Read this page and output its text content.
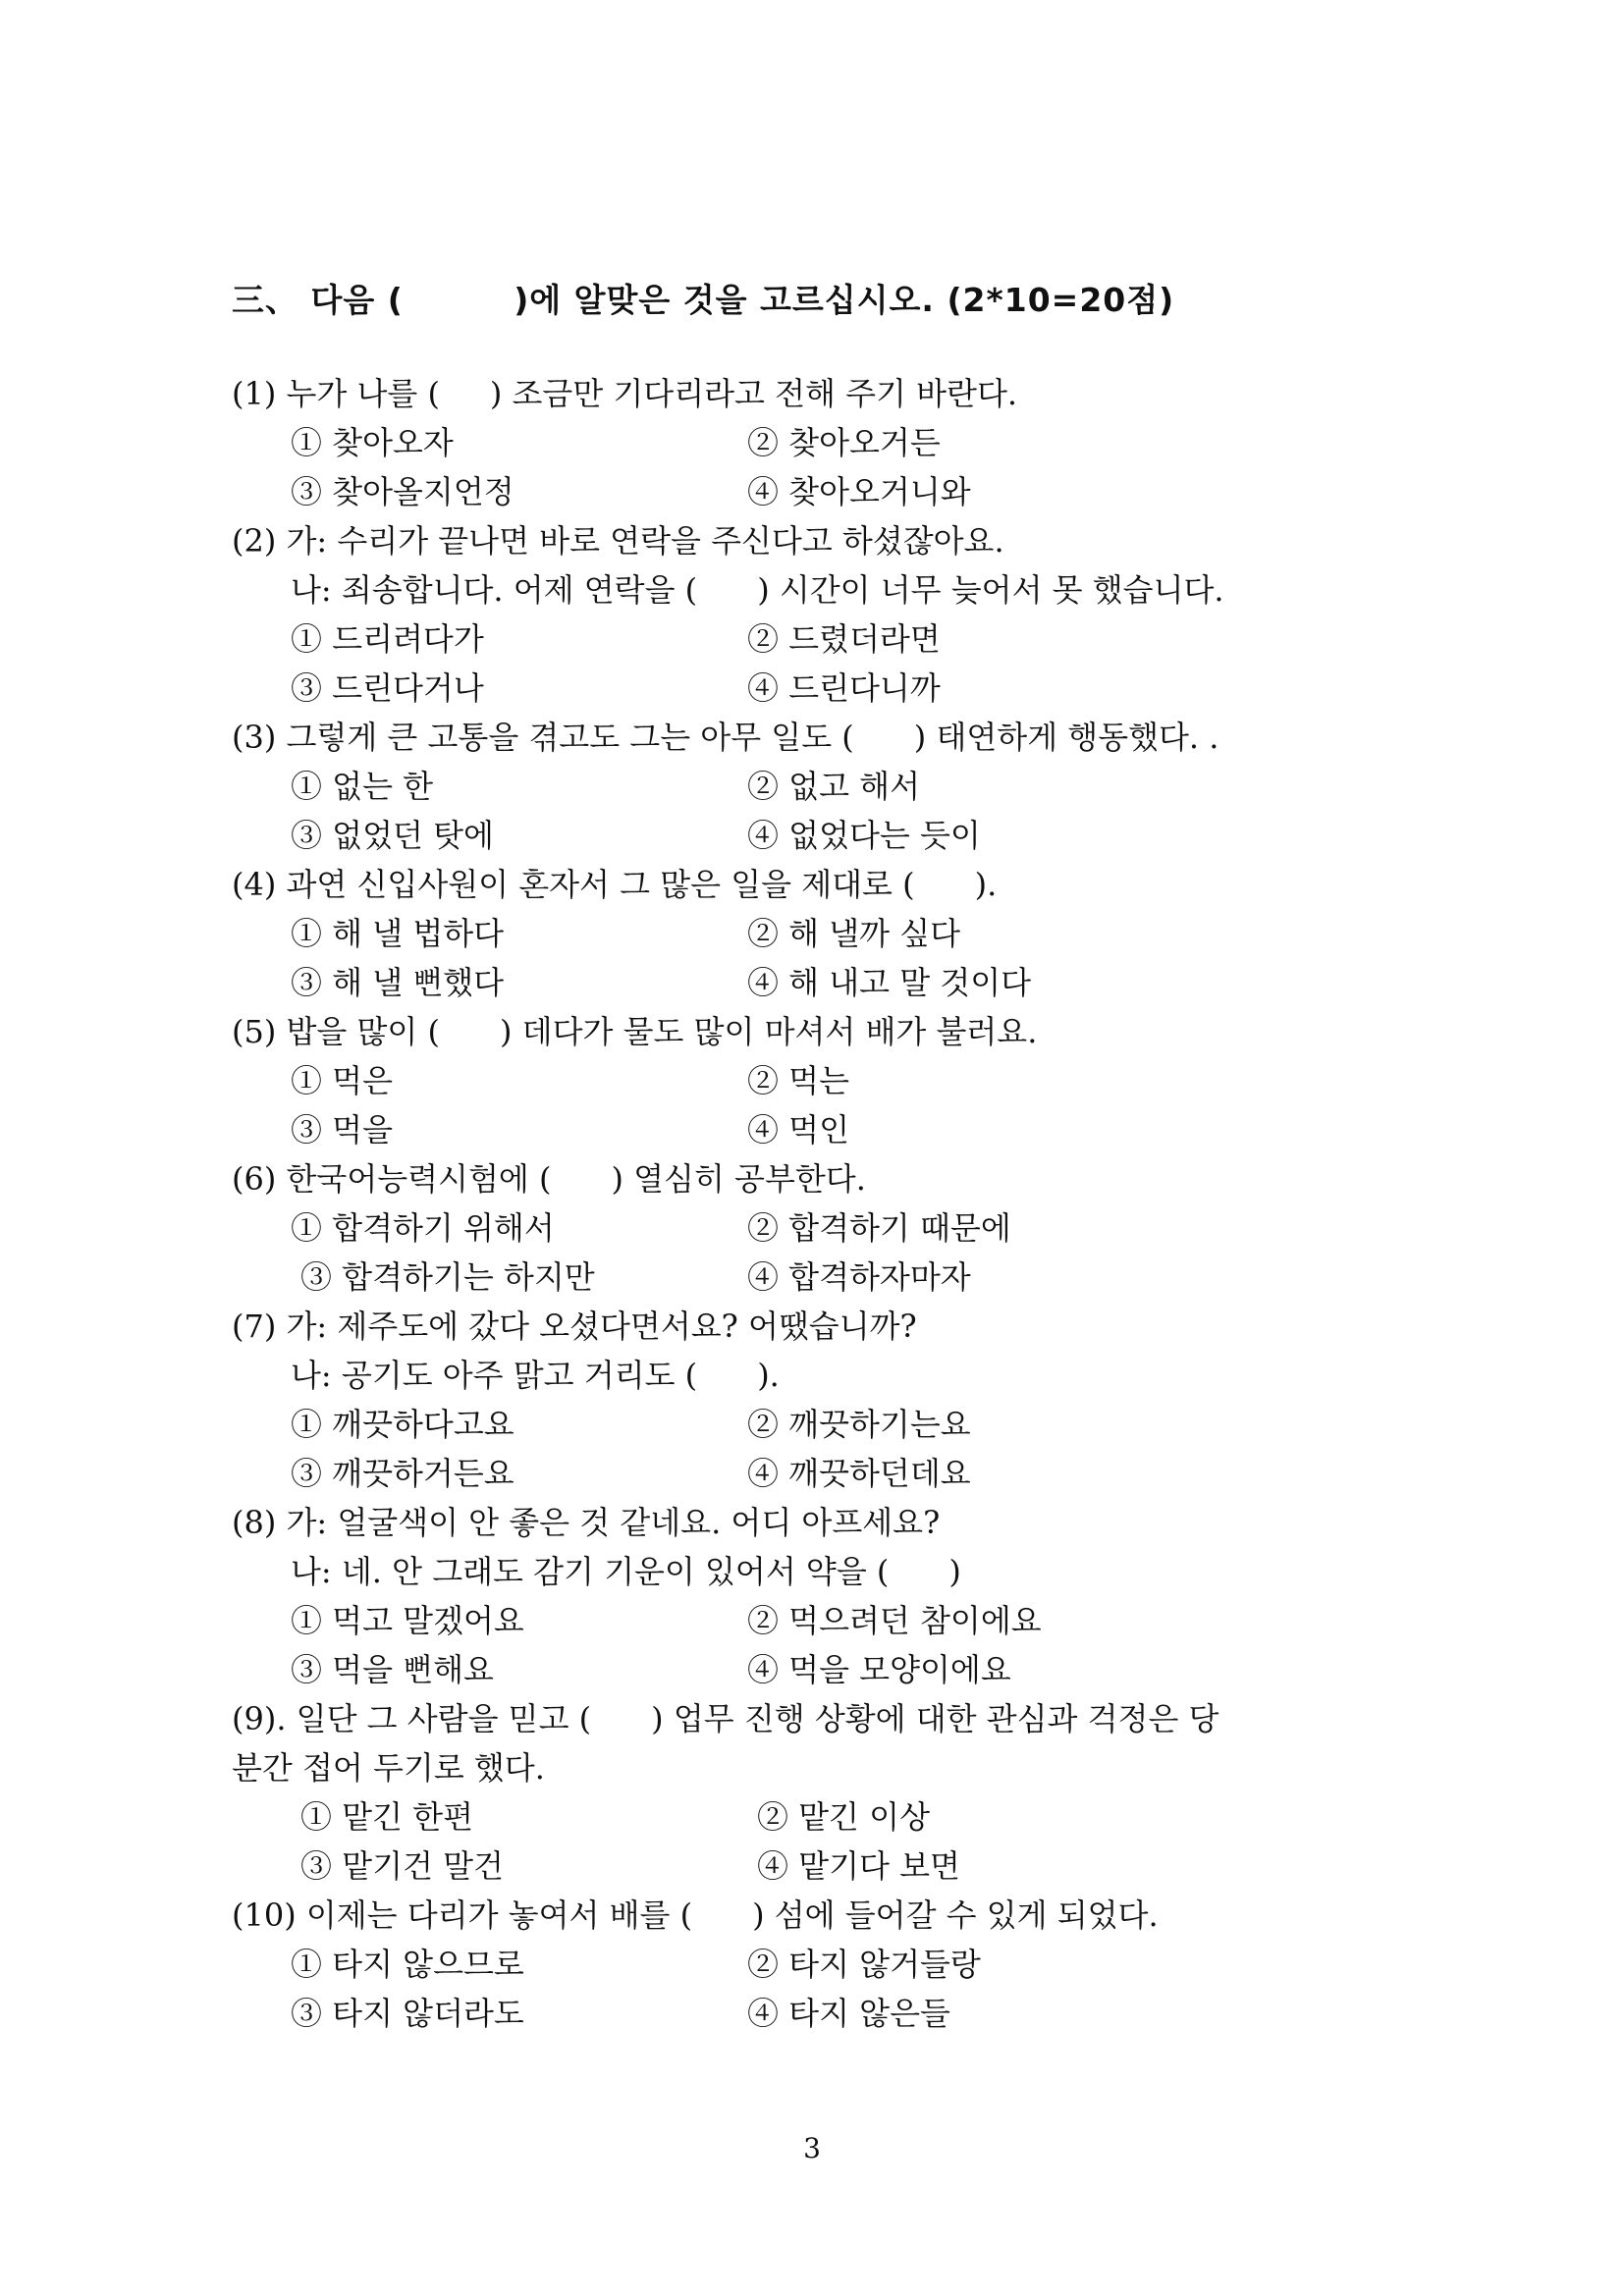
三、 다음 (         )에 알맞은 것을 고르십시오. (2*10=20점)
(1) 누가 나를 (     ) 조금만 기다리라고 전해 주기 바란다.
① 찾아오자	② 찾아오거든
③ 찾아올지언정	④ 찾아오거니와
(2) 가: 수리가 끝나면 바로 연락을 주신다고 하셨잖아요.
나: 죄송합니다. 어제 연락을 (      ) 시간이 너무 늦어서 못 했습니다.
① 드리려다가	② 드렸더라면
③ 드린다거나	④ 드린다니까
(3) 그렇게 큰 고통을 겪고도 그는 아무 일도 (      ) 태연하게 행동했다. .
① 없는 한	② 없고 해서
③ 없었던 탓에	④ 없었다는 듯이
(4) 과연 신입사원이 혼자서 그 많은 일을 제대로 (      ).
① 해 낼 법하다	② 해 낼까 싶다
③ 해 낼 뻔했다	④ 해 내고 말 것이다
(5) 밥을 많이 (      ) 데다가 물도 많이 마셔서 배가 불러요.
① 먹은	② 먹는
③ 먹을	④ 먹인
(6) 한국어능력시험에 (      ) 열심히 공부한다.
① 합격하기 위해서	② 합격하기 때문에
③ 합격하기는 하지만	④ 합격하자마자
(7) 가: 제주도에 갔다 오셨다면서요? 어땠습니까?
나: 공기도 아주 맑고 거리도 (      ).
① 깨끗하다고요	② 깨끗하기는요
③ 깨끗하거든요	④ 깨끗하던데요
(8) 가: 얼굴색이 안 좋은 것 같네요. 어디 아프세요?
나: 네. 안 그래도 감기 기운이 있어서 약을 (      )
① 먹고 말겠어요	② 먹으려던 참이에요
③ 먹을 뻔해요	④ 먹을 모양이에요
(9). 일단 그 사람을 믿고 (      ) 업무 진행 상황에 대한 관심과 걱정은 당
분간 접어 두기로 했다.
① 맡긴 한편	② 맡긴 이상
③ 맡기건 말건	④ 맡기다 보면
(10) 이제는 다리가 놓여서 배를 (      ) 섬에 들어갈 수 있게 되었다.
① 타지 않으므로	② 타지 않거들랑
③ 타지 않더라도	④ 타지 않은들
3
